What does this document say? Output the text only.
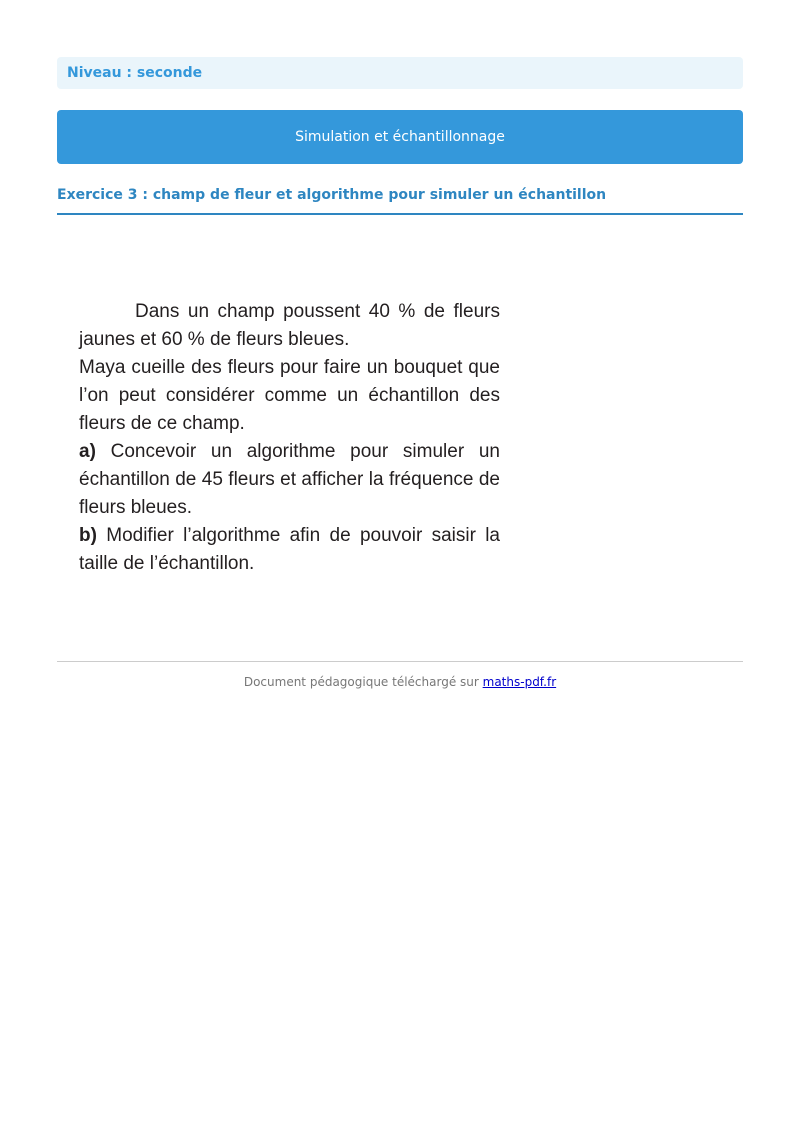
Niveau : seconde
Simulation et échantillonnage
Exercice 3 : champ de fleur et algorithme pour simuler un échantillon

Dans un champ poussent 40 % de fleurs jaunes et 60 % de fleurs bleues.

Maya cueille des fleurs pour faire un bouquet que l’on peut considérer comme un échantillon des fleurs de ce champ.

a) Concevoir un algorithme pour simuler un échantillon de 45 fleurs et afficher la fréquence de fleurs bleues.

b) Modifier l’algorithme afin de pouvoir saisir la taille de l’échantillon.

Document pédagogique téléchargé sur maths-pdf.fr
